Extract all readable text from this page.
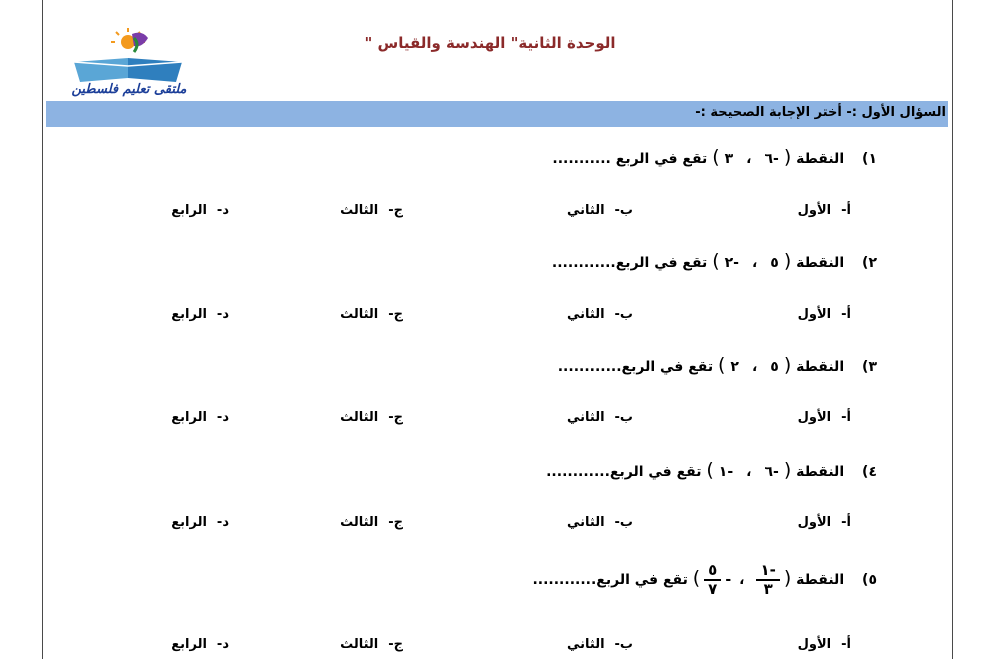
ملتقى تعليم فلسطين
الوحدة الثانية" الهندسة والقياس "
السؤال الأول :- أختر الإجابة الصحيحة :-
١) النقطة (-٦،٣) تقع في الربع ...........
أ-الأول
ب-الثاني
ج-الثالث
د-الرابع
٢) النقطة (٥،-٢) تقع في الربع............
أ-الأول
ب-الثاني
ج-الثالث
د-الرابع
٣) النقطة (٥،٢) تقع في الربع............
أ-الأول
ب-الثاني
ج-الثالث
د-الرابع
٤) النقطة (-٦،-١) تقع في الربع............
أ-الأول
ب-الثاني
ج-الثالث
د-الرابع
٥) النقطة (
$\frac{-١}{٣}$
،-
$\frac{٥}{٧}$
) تقع في الربع............
أ-الأول
ب-الثاني
ج-الثالث
د-الرابع
